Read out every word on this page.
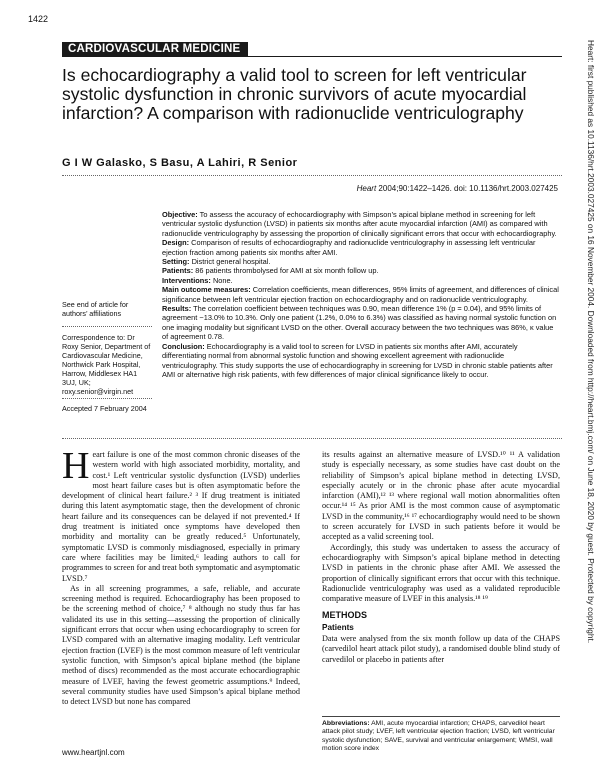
1422
CARDIOVASCULAR MEDICINE
Is echocardiography a valid tool to screen for left ventricular systolic dysfunction in chronic survivors of acute myocardial infarction? A comparison with radionuclide ventriculography
G I W Galasko, S Basu, A Lahiri, R Senior
Heart 2004;90:1422–1426. doi: 10.1136/hrt.2003.027425

Objective: To assess the accuracy of echocardiography with Simpson’s apical biplane method in screening for left ventricular systolic dysfunction (LVSD) in patients six months after acute myocardial infarction (AMI) as compared with radionuclide ventriculography by assessing the proportion of clinically significant errors that occur with echocardiography.

Design: Comparison of results of echocardiography and radionuclide ventriculography in assessing left ventricular ejection fraction among patients six months after AMI.

Setting: District general hospital.

Patients: 86 patients thrombolysed for AMI at six month follow up.

Interventions: None.

Main outcome measures: Correlation coefficients, mean differences, 95% limits of agreement, and differences of clinical significance between left ventricular ejection fraction on echocardiography and on radionuclide ventriculography.

Results: The correlation coefficient between techniques was 0.90, mean difference 1% (p = 0.04), and 95% limits of agreement −13.0% to 10.3%. Only one patient (1.2%, 0.0% to 6.3%) was classified as having normal systolic function on one imaging modality but significant LVSD on the other. Overall accuracy between the two techniques was 86%, κ value of agreement 0.78.

Conclusion: Echocardiography is a valid tool to screen for LVSD in patients six months after AMI, accurately differentiating normal from abnormal systolic function and showing excellent agreement with radionuclide ventriculography. This study supports the use of echocardiography in screening for LVSD in chronic stable patients after AMI or alternative high risk patients, with few differences of major clinical significance likely to occur.

See end of article for authors’ affiliations
Correspondence to: Dr Roxy Senior, Department of Cardiovascular Medicine, Northwick Park Hospital, Harrow, Middlesex HA1 3UJ, UK; roxy.senior@virgin.net
Accepted 7 February 2004

Heart failure is one of the most common chronic diseases of the western world with high associated morbidity, mortality, and cost.¹ Left ventricular systolic dysfunction (LVSD) underlies most heart failure cases but is often asymptomatic before the development of clinical heart failure.² ³ If drug treatment is initiated during this latent asymptomatic stage, then the development of chronic heart failure and its consequences can be delayed if not prevented.⁴ If drug treatment is initiated once symptoms have developed then morbidity and mortality can be greatly reduced.⁵ Unfortunately, symptomatic LVSD is commonly misdiagnosed, especially in primary care where facilities may be limited,⁶ leading authors to call for programmes to screen for and treat both symptomatic and asymptomatic LVSD.⁷

As in all screening programmes, a safe, reliable, and accurate screening method is required. Echocardiography has been proposed to be the screening method of choice,⁷ ⁸ although no study thus far has validated its use in this setting—assessing the proportion of clinically significant errors that occur when using echocardiography to screen for LVSD compared with an alternative imaging modality. Left ventricular ejection fraction (LVEF) is the most common measure of left ventricular systolic function, with Simpson’s apical biplane method (the biplane method of discs) recommended as the most accurate echocardiographic measure of LVEF, having the fewest geometric assumptions.⁹ Indeed, several community studies have used Simpson’s apical biplane method to detect LVSD but none has compared

its results against an alternative measure of LVSD.¹⁰ ¹¹ A validation study is especially necessary, as some studies have cast doubt on the reliability of Simpson’s apical biplane method in detecting LVSD, especially acutely or in the chronic phase after acute myocardial infarction (AMI),¹² ¹³ where regional wall motion abnormalities often occur.¹⁴ ¹⁵ As prior AMI is the most common cause of asymptomatic LVSD in the community,¹⁶ ¹⁷ echocardiography would need to be shown to screen accurately for LVSD in such patients before it would be accepted as a valid screening tool.

Accordingly, this study was undertaken to assess the accuracy of echocardiography with Simpson’s apical biplane method in detecting LVSD in patients in the chronic phase after AMI. We assessed the proportion of clinically significant errors that occur with this technique. Radionuclide ventriculography was used as a validated reproducible comparative measure of LVEF in this analysis.¹⁸ ¹⁹

METHODS
Patients

Data were analysed from the six month follow up data of the CHAPS (carvedilol heart attack pilot study), a randomised double blind study of carvedilol or placebo in patients after

Abbreviations: AMI, acute myocardial infarction; CHAPS, carvedilol heart attack pilot study; LVEF, left ventricular ejection fraction; LVSD, left ventricular systolic dysfunction; SAVE, survival and ventricular enlargement; WMSI, wall motion score index
www.heartjnl.com
Heart: first published as 10.1136/hrt.2003.027425 on 16 November 2004. Downloaded from http://heart.bmj.com/ on June 18, 2020 by guest. Protected by copyright.
